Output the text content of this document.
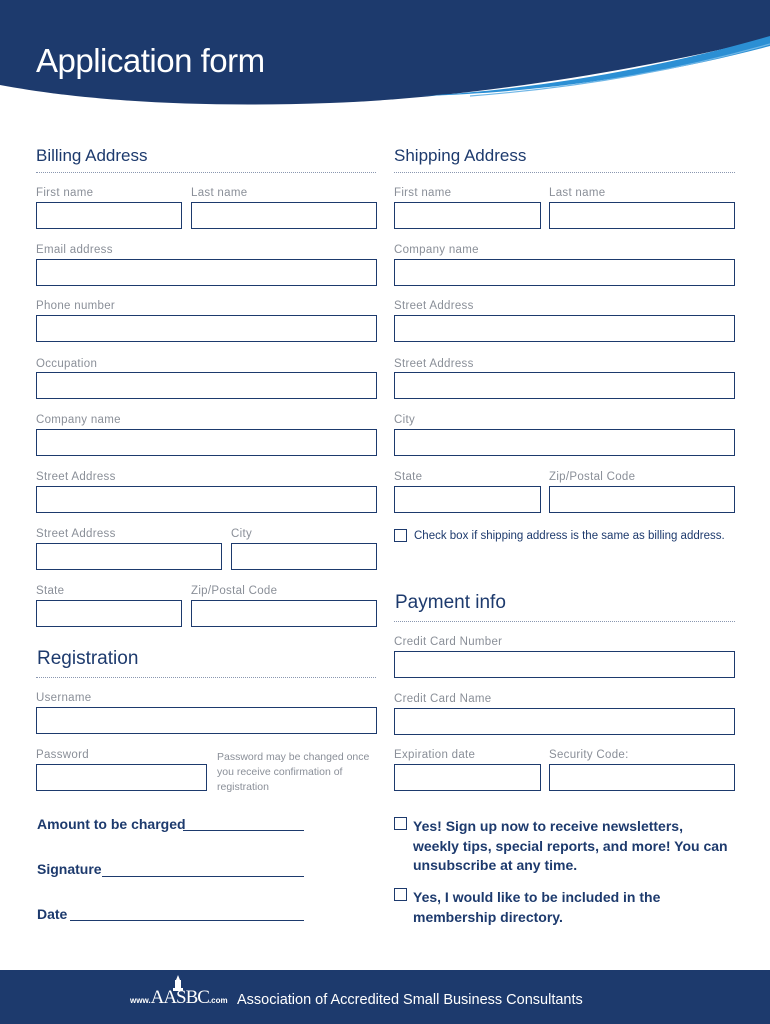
Application form
Billing Address
First name	Last name
Email address
Phone number
Occupation
Company name
Street Address
Street Address	City
State	Zip/Postal Code
Registration
Username
Password	Password may be changed once you receive confirmation of registration
Amount to be charged
Signature
Date
Shipping Address
First name	Last name
Company name
Street Address
Street Address
City
State	Zip/Postal Code
Check box if shipping address is the same as billing address.
Payment info
Credit Card Number
Credit Card Name
Expiration date	Security Code:
Yes! Sign up now to receive newsletters, weekly tips, special reports, and more! You can unsubscribe at any time.
Yes, I would like to be included in the membership directory.
www.AASBC.com Association of Accredited Small Business Consultants
